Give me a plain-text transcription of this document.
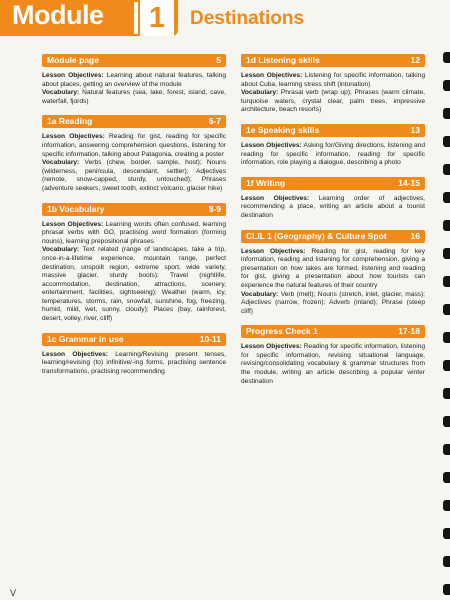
Module	1	Destinations
Module page	5
Lesson Objectives: Learning about natural features, talking about places, getting an overview of the module
Vocabulary: Natural features (sea, lake, forest, island, cave, waterfall, fjords)
1a Reading	6-7
Lesson Objectives: Reading for gist, reading for specific information, answering comprehension questions, listening for specific information, talking about Patagonia, creating a poster
Vocabulary: Verbs (chew, border, sample, host); Nouns (wilderness, peninsula, descendant, settler); Adjectives (remote, snow-capped, sturdy, untouched); Phrases (adventure seekers, sweet tooth, extinct volcano, glacier hike)
1b Vocabulary	8-9
Lesson Objectives: Learning words often confused, learning phrasal verbs with GO, practising word formation (forming nouns), learning prepositional phrases
Vocabulary: Text related (range of landscapes, take a trip, once-in-a-lifetime experience, mountain range, perfect destination, unspoilt region, extreme sport, wide variety, massive glacier, sturdy boots); Travel (nightlife, accommodation, destination, attractions, scenery, entertainment, facilities, sightseeing); Weather (warm, icy, temperatures, storms, rain, snowfall, sunshine, fog, freezing, humid, mild, wet, sunny, cloudy); Places (bay, rainforest, desert, volley, river, cliff)
1c Grammar in use	10-11
Lesson Objectives: Learning/Revising present tenses, learning/revising (to) infinitive/-ing forms, practising sentence transformations, practising recommending
1d Listening skills	12
Lesson Objectives: Listening for specific information, talking about Cuba, learning stress shift (intonation)
Vocabulary: Phrasal verb (wrap up); Phrases (warm climate, turquoise waters, crystal clear, palm trees, impressive architecture, beach resorts)
1e Speaking skills	13
Lesson Objectives: Asking for/Giving directions, listening and reading for specific information, reading for specific information, role playing a dialogue, describing a photo
1f Writing	14-15
Lesson Objectives: Learning order of adjectives, recommending a place, writing an article about a tourist destination
CLIL 1 (Geography) & Culture Spot	16
Lesson Objectives: Reading for gist, reading for key information, reading and listening for comprehension, giving a presentation on how lakes are formed, listening and reading for gist, giving a presentation about how tourists can experience the natural features of their country
Vocabulary: Verb (melt); Nouns (stretch, inlet, glacier, mass); Adjectives (narrow, frozen); Adverb (inland); Phrase (steep cliff)
Progress Check 1	17-18
Lesson Objectives: Reading for specific information, listening for specific information, revising situational language, revising/consolidating vocabulary & grammar structures from the module, writing an article describing a popular winter destination
V
